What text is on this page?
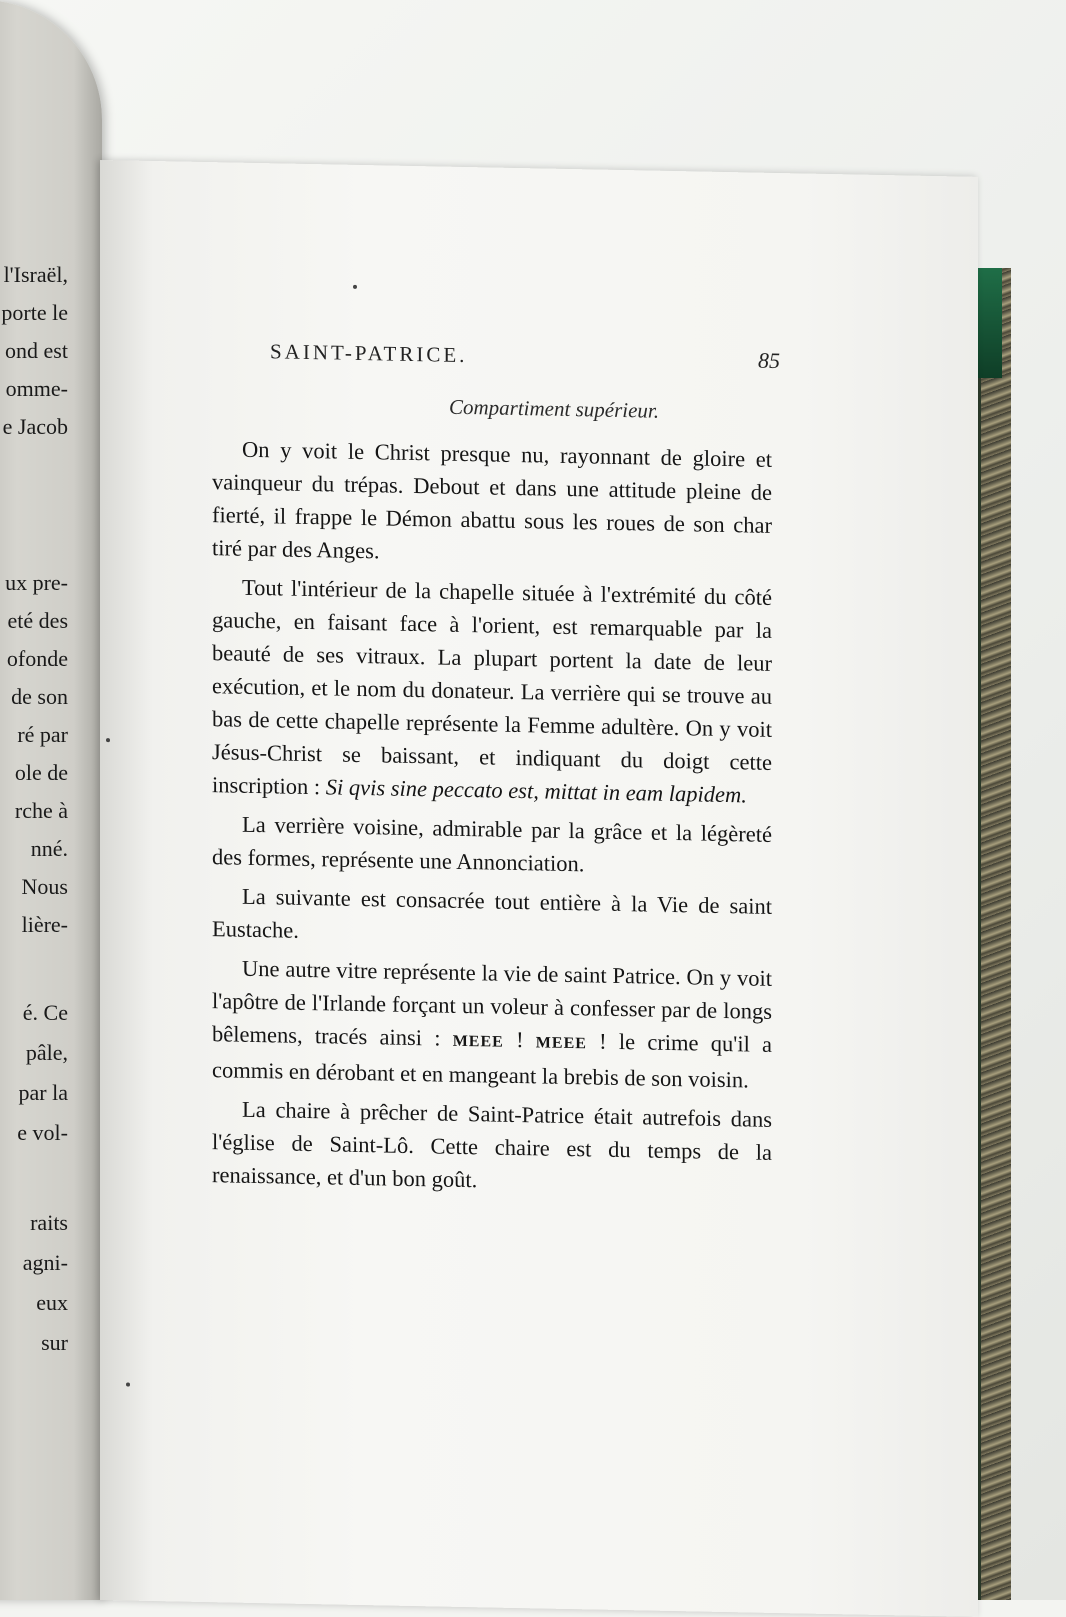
l'Israël,
porte le
ond est
omme-
e Jacob
ux pre-
eté des
ofonde
de son
ré par
ole de
rche à
nné.
Nous
lière-
é. Ce
pâle,
par la
e vol-
raits
agni-
eux
sur
SAINT-PATRICE.	85
Compartiment supérieur.

On y voit le Christ presque nu, rayonnant de gloire et vainqueur du trépas. Debout et dans une attitude pleine de fierté, il frappe le Démon abattu sous les roues de son char tiré par des Anges.

Tout l'intérieur de la chapelle située à l'extrémité du côté gauche, en faisant face à l'orient, est remarquable par la beauté de ses vitraux. La plupart portent la date de leur exécution, et le nom du donateur. La verrière qui se trouve au bas de cette chapelle représente la Femme adultère. On y voit Jésus-Christ se baissant, et indiquant du doigt cette inscription : Si qvis sine peccato est, mittat in eam lapidem.

La verrière voisine, admirable par la grâce et la légèreté des formes, représente une Annonciation.

La suivante est consacrée tout entière à la Vie de saint Eustache.

Une autre vitre représente la vie de saint Patrice. On y voit l'apôtre de l'Irlande forçant un voleur à confesser par de longs bêlemens, tracés ainsi : MEEE ! MEEE ! le crime qu'il a commis en dérobant et en mangeant la brebis de son voisin.

La chaire à prêcher de Saint-Patrice était autrefois dans l'église de Saint-Lô. Cette chaire est du temps de la renaissance, et d'un bon goût.
